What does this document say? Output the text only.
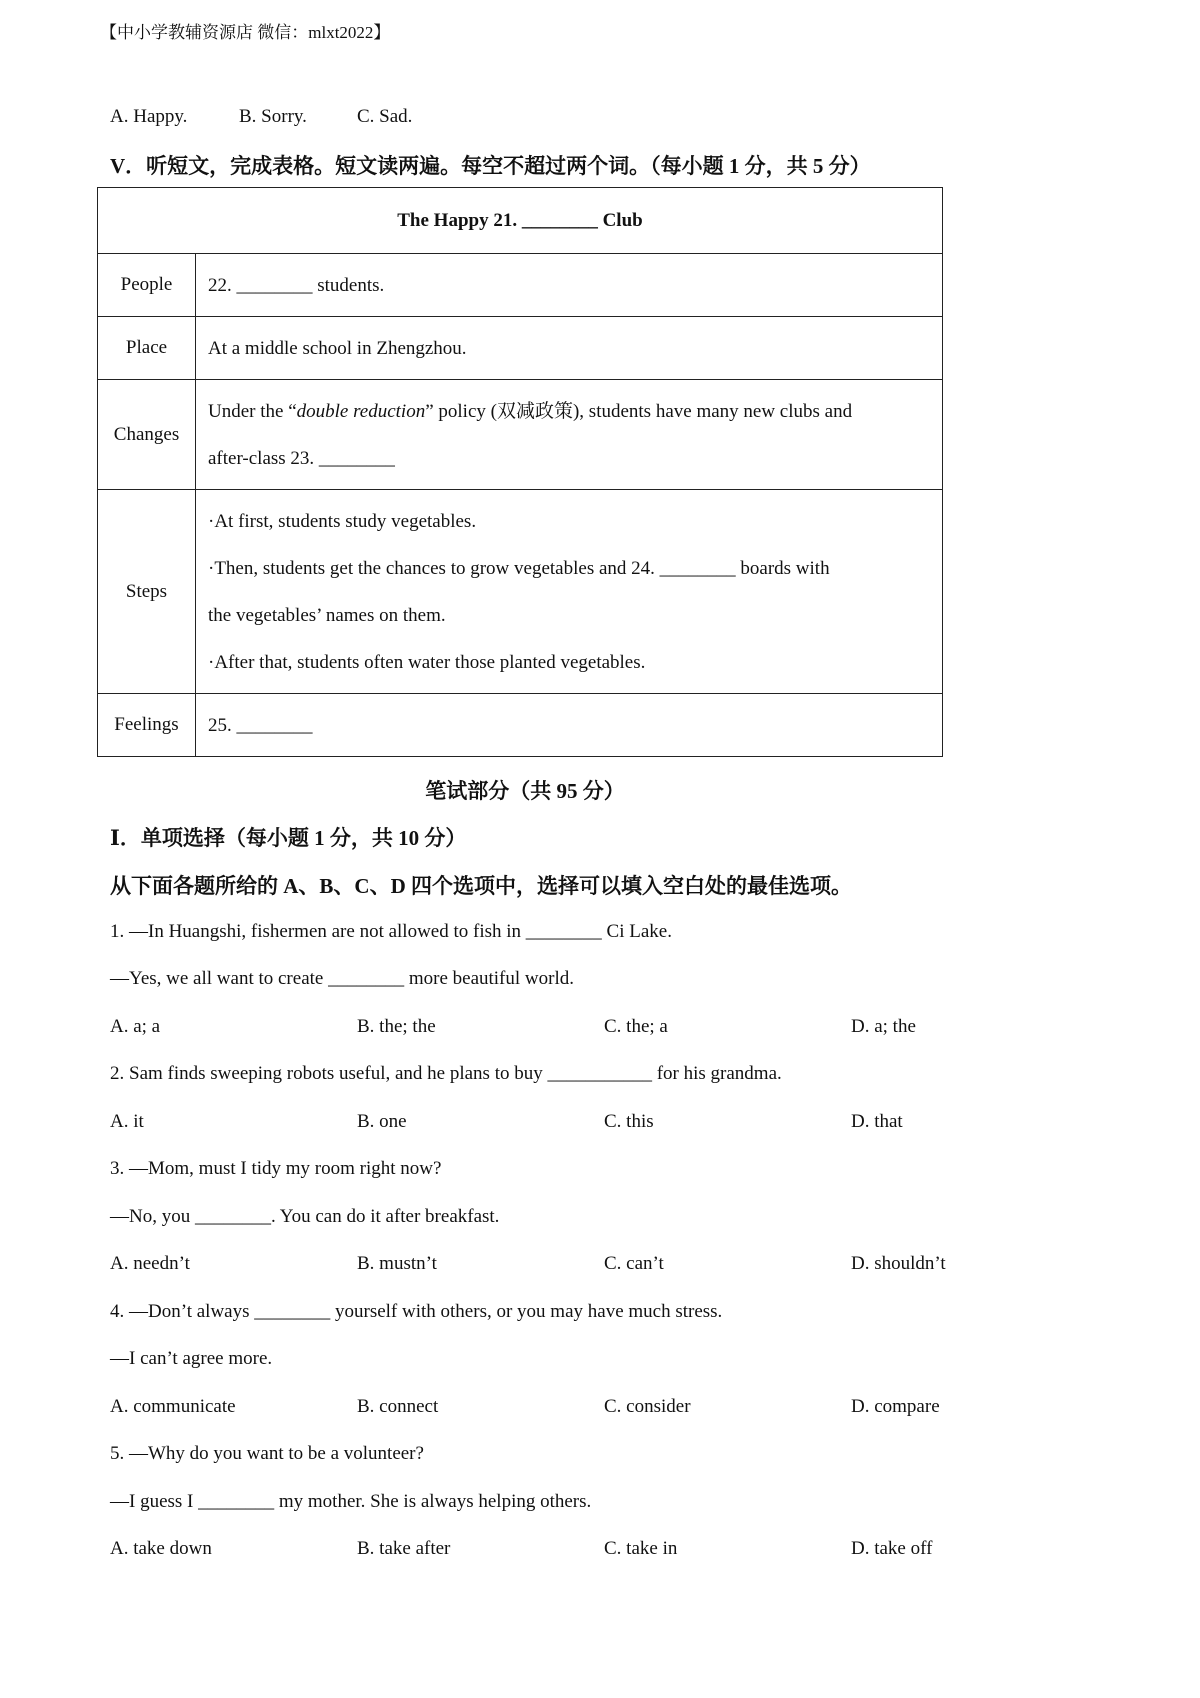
【中小学教辅资源店 微信：mlxt2022】
A. Happy.	B. Sorry.	C. Sad.
V．听短文，完成表格。短文读两遍。每空不超过两个词。（每小题 1 分，共 5 分）
The Happy 21. ________ Club	
People	22. ________ students.
Place	At a middle school in Zhengzhou.
Changes	Under the “double reduction” policy (双减政策), students have many new clubs and
after-class 23. ________

Steps	·At first, students study vegetables.
·Then, students get the chances to grow vegetables and 24. ________ boards with
the vegetables’ names on them.
·After that, students often water those planted vegetables.

Feelings	25. ________
笔试部分（共 95 分）
Ⅰ．单项选择（每小题 1 分，共 10 分）
从下面各题所给的 A、B、C、D 四个选项中，选择可以填入空白处的最佳选项。
1. —In Huangshi, fishermen are not allowed to fish in ________ Ci Lake.
—Yes, we all want to create ________ more beautiful world.
A. a; a	B. the; the	C. the; a	D. a; the
2. Sam finds sweeping robots useful, and he plans to buy ___________ for his grandma.
A. it	B. one	C. this	D. that
3. —Mom, must I tidy my room right now?
—No, you ________. You can do it after breakfast.
A. needn’t	B. mustn’t	C. can’t	D. shouldn’t
4. —Don’t always ________ yourself with others, or you may have much stress.
—I can’t agree more.
A. communicate	B. connect	C. consider	D. compare
5. —Why do you want to be a volunteer?
—I guess I ________ my mother. She is always helping others.
A. take down	B. take after	C. take in	D. take off
